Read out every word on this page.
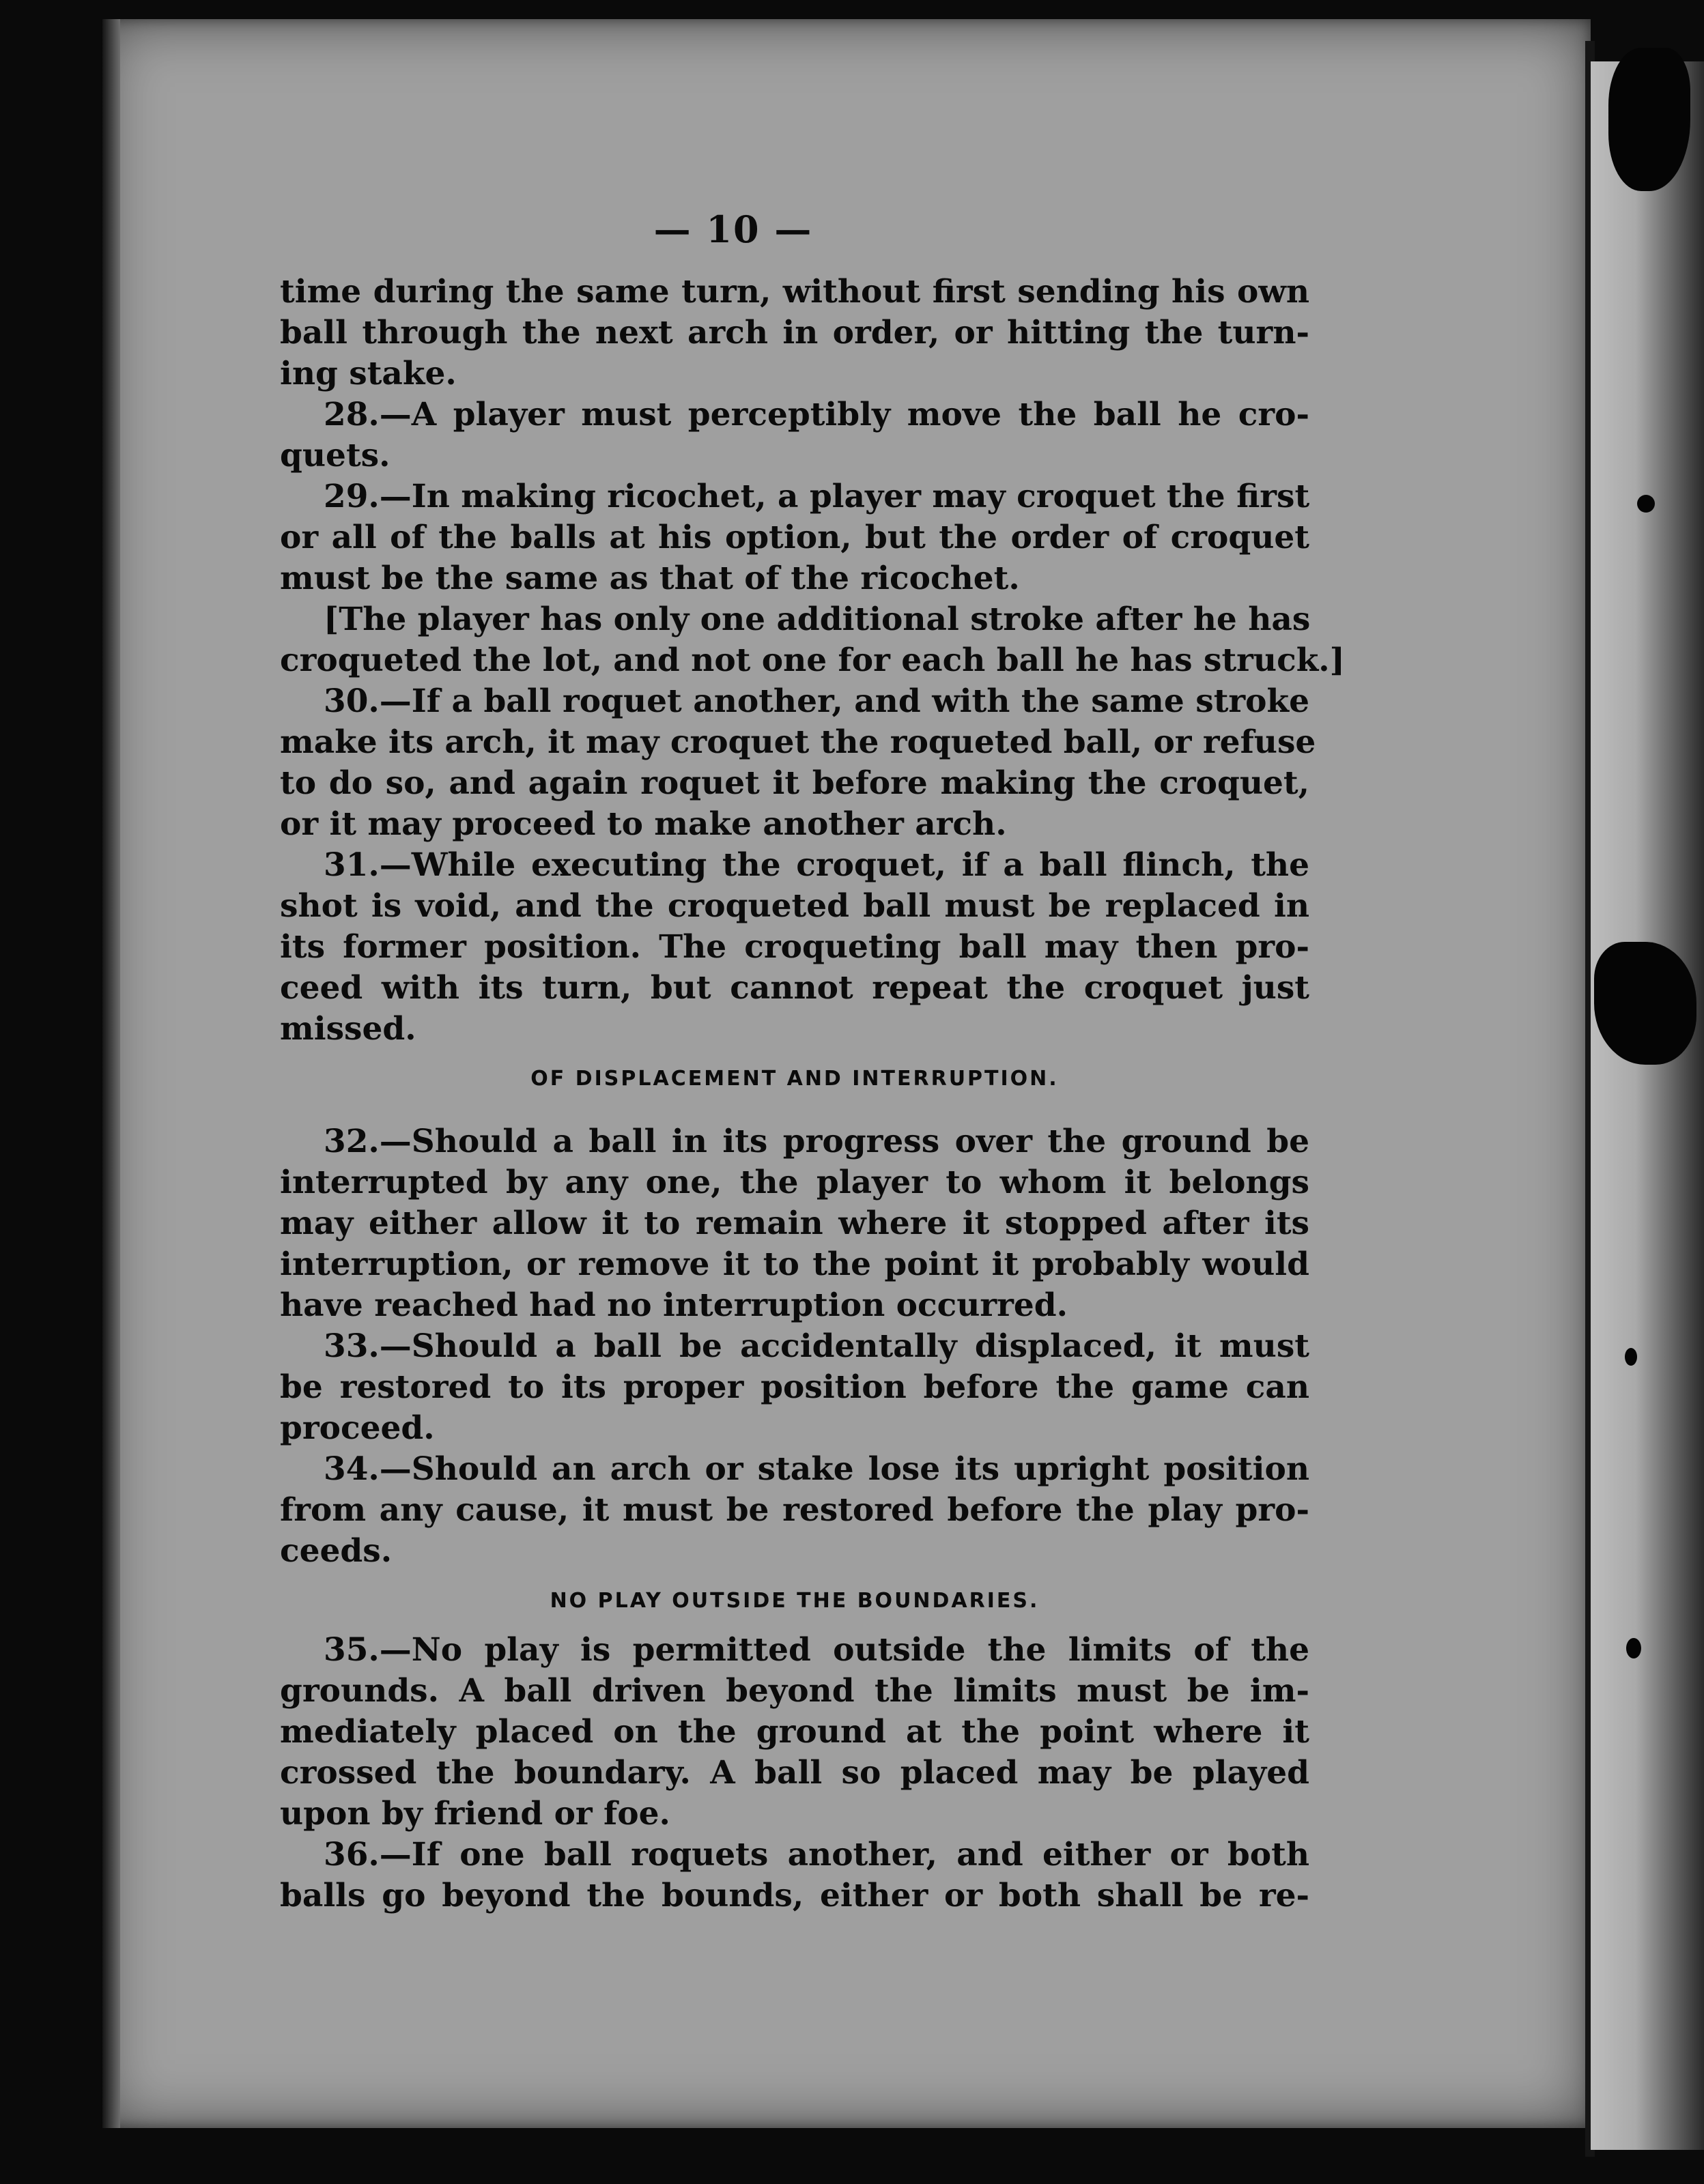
— 10 —
time during the same turn, without first sending his own
ball through the next arch in order, or hitting the turn-
ing stake.
28.—A player must perceptibly move the ball he cro-
quets.
29.—In making ricochet, a player may croquet the first
or all of the balls at his option, but the order of croquet
must be the same as that of the ricochet.
[The player has only one additional stroke after he has
croqueted the lot, and not one for each ball he has struck.]
30.—If a ball roquet another, and with the same stroke
make its arch, it may croquet the roqueted ball, or refuse
to do so, and again roquet it before making the croquet,
or it may proceed to make another arch.
31.—While executing the croquet, if a ball flinch, the
shot is void, and the croqueted ball must be replaced in
its former position. The croqueting ball may then pro-
ceed with its turn, but cannot repeat the croquet just
missed.
OF DISPLACEMENT AND INTERRUPTION.
32.—Should a ball in its progress over the ground be
interrupted by any one, the player to whom it belongs
may either allow it to remain where it stopped after its
interruption, or remove it to the point it probably would
have reached had no interruption occurred.
33.—Should a ball be accidentally displaced, it must
be restored to its proper position before the game can
proceed.
34.—Should an arch or stake lose its upright position
from any cause, it must be restored before the play pro-
ceeds.
NO PLAY OUTSIDE THE BOUNDARIES.
35.—No play is permitted outside the limits of the
grounds. A ball driven beyond the limits must be im-
mediately placed on the ground at the point where it
crossed the boundary. A ball so placed may be played
upon by friend or foe.
36.—If one ball roquets another, and either or both
balls go beyond the bounds, either or both shall be re-
